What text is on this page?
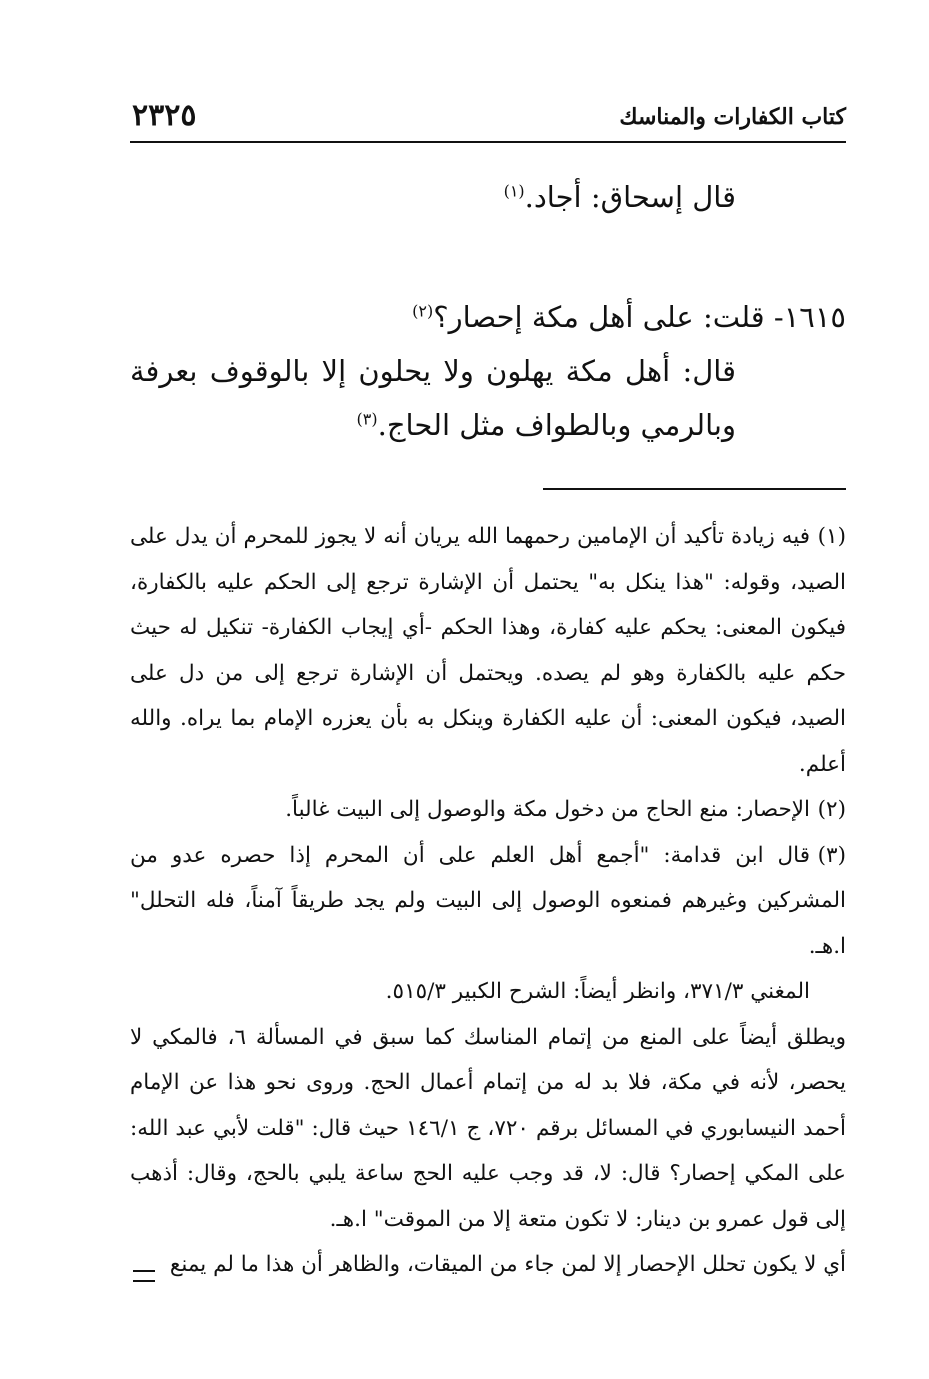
كتاب الكفارات والمناسك
٢٣٢٥

قال إسحاق: أجاد.$^{(١)}$

١٦١٥- قلت: على أهل مكة إحصار؟$^{(٢)}$

قال: أهل مكة يهلون ولا يحلون إلا بالوقوف بعرفة وبالرمي وبالطواف مثل الحاج.$^{(٣)}$

(١)فيه زيادة تأكيد أن الإمامين رحمهما الله يريان أنه لا يجوز للمحرم أن يدل على الصيد، وقوله: "هذا ينكل به" يحتمل أن الإشارة ترجع إلى الحكم عليه بالكفارة، فيكون المعنى: يحكم عليه كفارة، وهذا الحكم -أي إيجاب الكفارة- تنكيل له حيث حكم عليه بالكفارة وهو لم يصده. ويحتمل أن الإشارة ترجع إلى من دل على الصيد، فيكون المعنى: أن عليه الكفارة وينكل به بأن يعزره الإمام بما يراه. والله أعلم.

(٢)الإحصار: منع الحاج من دخول مكة والوصول إلى البيت غالباً.

(٣)قال ابن قدامة: "أجمع أهل العلم على أن المحرم إذا حصره عدو من المشركين وغيرهم فمنعوه الوصول إلى البيت ولم يجد طريقاً آمناً، فله التحلل" ا.هـ.

المغني ٣٧١/٣، وانظر أيضاً: الشرح الكبير ٥١٥/٣.

ويطلق أيضاً على المنع من إتمام المناسك كما سبق في المسألة ٦، فالمكي لا يحصر، لأنه في مكة، فلا بد له من إتمام أعمال الحج. وروى نحو هذا عن الإمام أحمد النيسابوري في المسائل برقم ٧٢٠، ج ١٤٦/١ حيث قال: "قلت لأبي عبد الله: على المكي إحصار؟ قال: لا، قد وجب عليه الحج ساعة يلبي بالحج، وقال: أذهب إلى قول عمرو بن دينار: لا تكون متعة إلا من الموقت" ا.هـ.

أي لا يكون تحلل الإحصار إلا لمن جاء من الميقات، والظاهر أن هذا ما لم يمنع
